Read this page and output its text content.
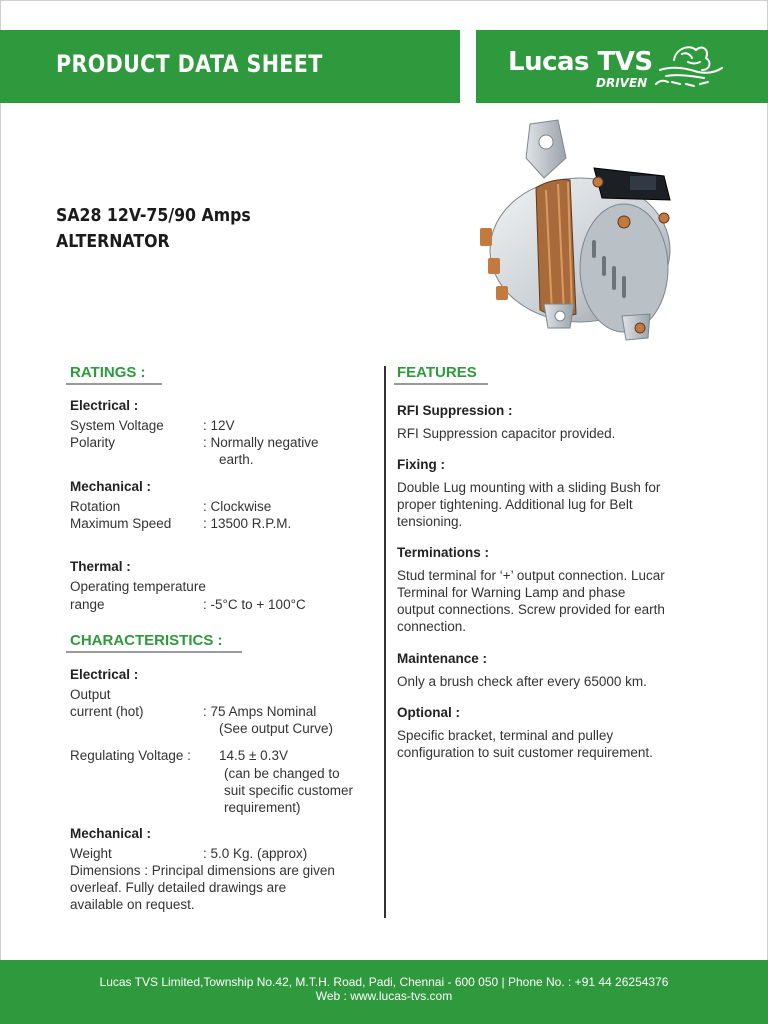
PRODUCT DATA SHEET	Lucas TVS
DRIVEN
SA28 12V-75/90 Amps
ALTERNATOR
RATINGS :
Electrical :
System Voltage	: 12V
Polarity	: Normally negative
earth.
Mechanical :
Rotation	: Clockwise
Maximum Speed : 13500 R.P.M.
Thermal :
Operating temperature
range	: -5°C to + 100°C
CHARACTERISTICS :
Electrical :
Output
current (hot)	: 75 Amps Nominal
(See output Curve)
Regulating Voltage : 14.5 ± 0.3V
(can be changed to
suit specific customer
requirement)
Mechanical :
Weight	: 5.0 Kg. (approx)
Dimensions : Principal dimensions are given
overleaf. Fully detailed drawings are
available on request.
FEATURES
RFI Suppression :
RFI Suppression capacitor provided.
Fixing :
Double Lug mounting with a sliding Bush for
proper tightening. Additional lug for Belt
tensioning.
Terminations :
Stud terminal for ‘+’ output connection. Lucar
Terminal for Warning Lamp and phase
output connections. Screw provided for earth
connection.
Maintenance :
Only a brush check after every 65000 km.
Optional :
Specific bracket, terminal and pulley
configuration to suit customer requirement.
Lucas TVS Limited,Township No.42, M.T.H. Road, Padi, Chennai - 600 050 | Phone No. : +91 44 26254376
Web : www.lucas-tvs.com
